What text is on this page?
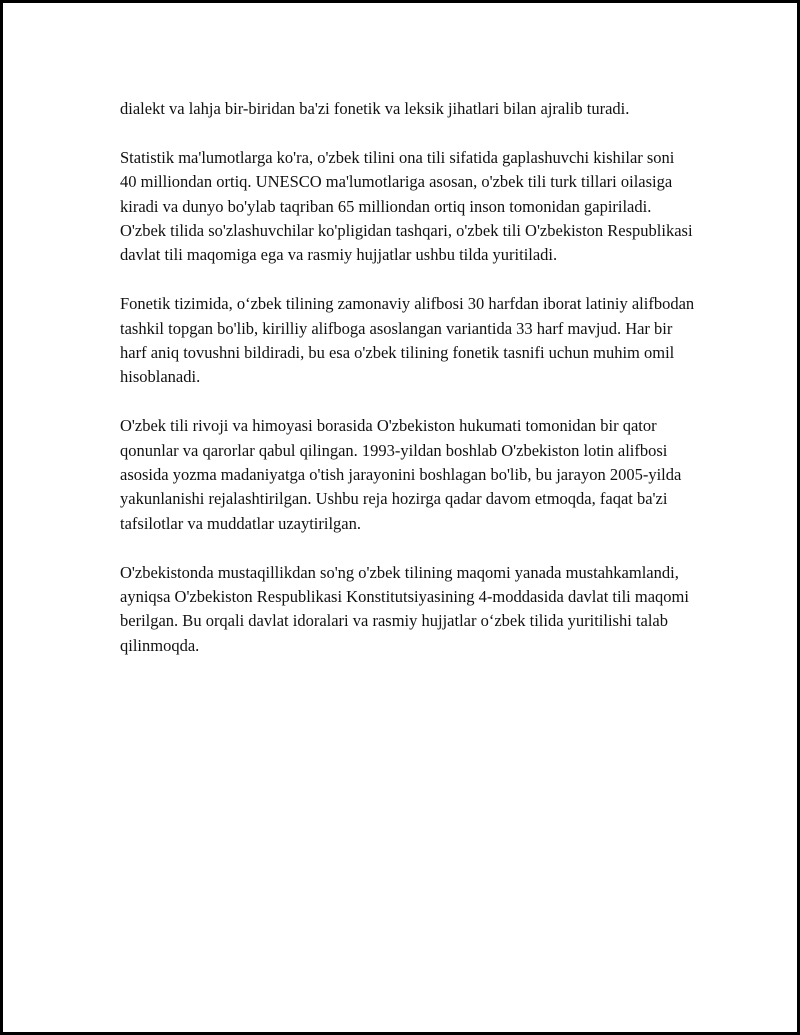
dialekt va lahja bir-biridan ba'zi fonetik va leksik jihatlari bilan ajralib turadi.

Statistik ma'lumotlarga ko'ra, o'zbek tilini ona tili sifatida gaplashuvchi kishilar soni 40 milliondan ortiq. UNESCO ma'lumotlariga asosan, o'zbek tili turk tillari oilasiga kiradi va dunyo bo'ylab taqriban 65 milliondan ortiq inson tomonidan gapiriladi. O'zbek tilida so'zlashuvchilar ko'pligidan tashqari, o'zbek tili O'zbekiston Respublikasi davlat tili maqomiga ega va rasmiy hujjatlar ushbu tilda yuritiladi.

Fonetik tizimida, o‘zbek tilining zamonaviy alifbosi 30 harfdan iborat latiniy alifbodan tashkil topgan bo'lib, kirilliy alifboga asoslangan variantida 33 harf mavjud. Har bir harf aniq tovushni bildiradi, bu esa o'zbek tilining fonetik tasnifi uchun muhim omil hisoblanadi.

O'zbek tili rivoji va himoyasi borasida O'zbekiston hukumati tomonidan bir qator qonunlar va qarorlar qabul qilingan. 1993-yildan boshlab O'zbekiston lotin alifbosi asosida yozma madaniyatga o'tish jarayonini boshlagan bo'lib, bu jarayon 2005-yilda yakunlanishi rejalashtirilgan. Ushbu reja hozirga qadar davom etmoqda, faqat ba'zi tafsilotlar va muddatlar uzaytirilgan.

O'zbekistonda mustaqillikdan so'ng o'zbek tilining maqomi yanada mustahkamlandi, ayniqsa O'zbekiston Respublikasi Konstitutsiyasining 4-moddasida davlat tili maqomi berilgan. Bu orqali davlat idoralari va rasmiy hujjatlar o‘zbek tilida yuritilishi talab qilinmoqda.
